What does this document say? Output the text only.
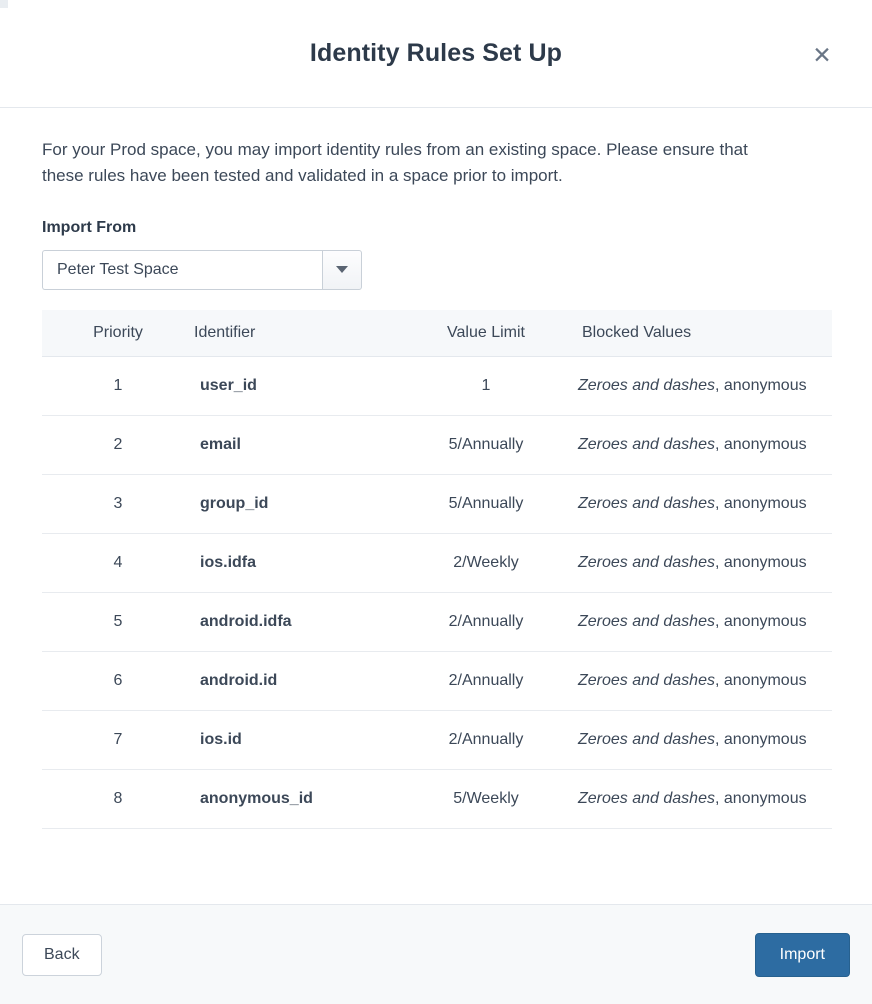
Identity Rules Set Up	✕

For your Prod space, you may import identity rules from an existing space. Please ensure that these rules have been tested and validated in a space prior to import.

Import From
Peter Test Space
Priority	Identifier	Value Limit	Blocked Values
1	user_id	1	Zeroes and dashes, anonymous
2	email	5/Annually	Zeroes and dashes, anonymous
3	group_id	5/Annually	Zeroes and dashes, anonymous
4	ios.idfa	2/Weekly	Zeroes and dashes, anonymous
5	android.idfa	2/Annually	Zeroes and dashes, anonymous
6	android.id	2/Annually	Zeroes and dashes, anonymous
7	ios.id	2/Annually	Zeroes and dashes, anonymous
8	anonymous_id	5/Weekly	Zeroes and dashes, anonymous
Back	Import
